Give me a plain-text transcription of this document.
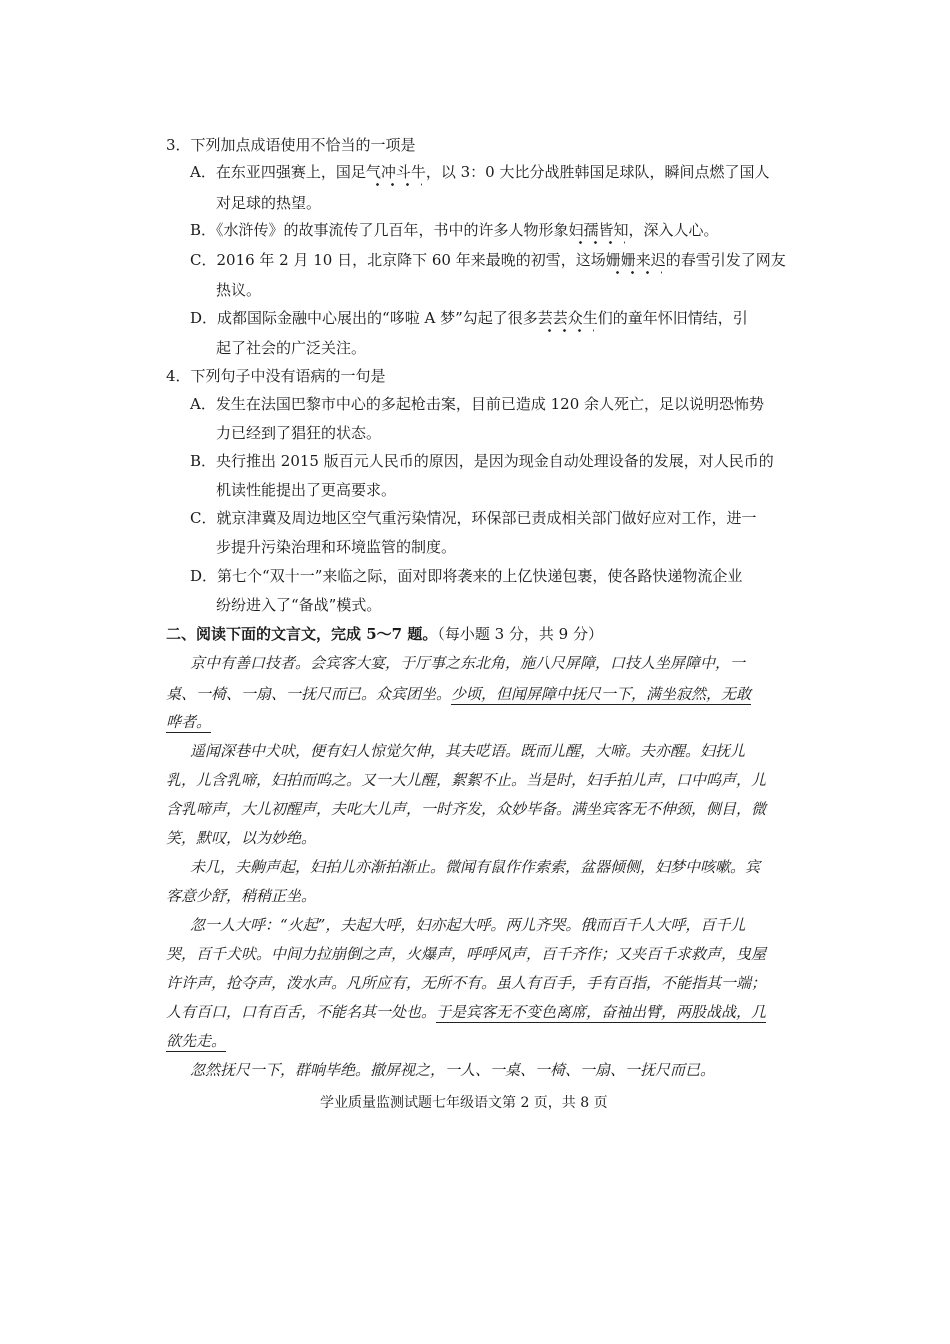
3．下列加点成语使用不恰当的一项是
A．在东亚四强赛上，国足气冲斗牛，以 3：0 大比分战胜韩国足球队，瞬间点燃了国人
对足球的热望。
B．《水浒传》的故事流传了几百年，书中的许多人物形象妇孺皆知，深入人心。
C．2016 年 2 月 10 日，北京降下 60 年来最晚的初雪，这场姗姗来迟的春雪引发了网友
热议。
D．成都国际金融中心展出的“哆啦 A 梦”勾起了很多芸芸众生们的童年怀旧情结，引
起了社会的广泛关注。
4．下列句子中没有语病的一句是
A．发生在法国巴黎市中心的多起枪击案，目前已造成 120 余人死亡，足以说明恐怖势
力已经到了猖狂的状态。
B．央行推出 2015 版百元人民币的原因，是因为现金自动处理设备的发展，对人民币的
机读性能提出了更高要求。
C．就京津冀及周边地区空气重污染情况，环保部已责成相关部门做好应对工作，进一
步提升污染治理和环境监管的制度。
D．第七个“双十一”来临之际，面对即将袭来的上亿快递包裹，使各路快递物流企业
纷纷进入了“备战”模式。
二、阅读下面的文言文，完成 5～7 题。（每小题 3 分，共 9 分）
京中有善口技者。会宾客大宴，于厅事之东北角，施八尺屏障，口技人坐屏障中，一
桌、一椅、一扇、一抚尺而已。众宾团坐。少顷，但闻屏障中抚尺一下，满坐寂然，无敢
哗者。
遥闻深巷中犬吠，便有妇人惊觉欠伸，其夫呓语。既而儿醒，大啼。夫亦醒。妇抚儿
乳，儿含乳啼，妇拍而呜之。又一大儿醒，絮絮不止。当是时，妇手拍儿声，口中呜声，儿
含乳啼声，大儿初醒声，夫叱大儿声，一时齐发，众妙毕备。满坐宾客无不伸颈，侧目，微
笑，默叹，以为妙绝。
未几，夫齁声起，妇拍儿亦渐拍渐止。微闻有鼠作作索索，盆器倾侧，妇梦中咳嗽。宾
客意少舒，稍稍正坐。
忽一人大呼：“火起”，夫起大呼，妇亦起大呼。两儿齐哭。俄而百千人大呼，百千儿
哭，百千犬吠。中间力拉崩倒之声，火爆声，呼呼风声，百千齐作；又夹百千求救声，曳屋
许许声，抢夺声，泼水声。凡所应有，无所不有。虽人有百手，手有百指，不能指其一端；
人有百口，口有百舌，不能名其一处也。于是宾客无不变色离席，奋袖出臂，两股战战，几
欲先走。
忽然抚尺一下，群响毕绝。撤屏视之，一人、一桌、一椅、一扇、一抚尺而已。
学业质量监测试题七年级语文第 2 页，共 8 页
